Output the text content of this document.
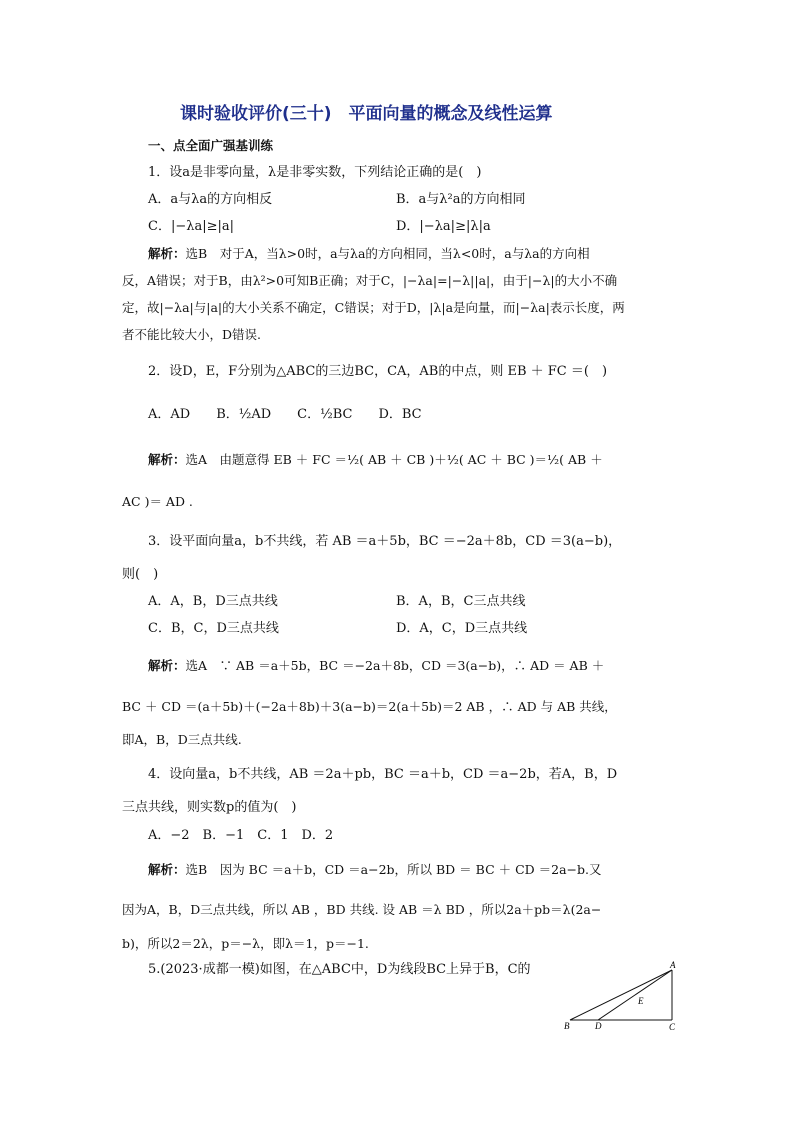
课时验收评价(三十)　平面向量的概念及线性运算
一、点全面广强基训练
1．设a是非零向量，λ是非零实数，下列结论正确的是(　)
A．a与λa的方向相反	B．a与λ²a的方向相同
C．|−λa|≥|a|	D．|−λa|≥|λ|a
解析：选B　对于A，当λ>0时，a与λa的方向相同，当λ<0时，a与λa的方向相
反，A错误；对于B，由λ²>0可知B正确；对于C，|−λa|=|−λ||a|，由于|−λ|的大小不确
定，故|−λa|与|a|的大小关系不确定，C错误；对于D，|λ|a是向量，而|−λa|表示长度，两
者不能比较大小，D错误.
2．设D，E，F分别为△ABC的三边BC，CA，AB的中点，则 EB ＋ FC ＝(　)
A．AD　　B．½AD　　C．½BC　　D．BC
解析：选A　由题意得 EB ＋ FC ＝½( AB ＋ CB )＋½( AC ＋ BC )＝½( AB ＋
AC )＝ AD .
3．设平面向量a，b不共线，若 AB ＝a＋5b，BC ＝−2a＋8b，CD ＝3(a−b)，
则(　)
A．A，B，D三点共线	B．A，B，C三点共线
C．B，C，D三点共线	D．A，C，D三点共线
解析：选A　∵ AB ＝a＋5b，BC ＝−2a＋8b，CD ＝3(a−b)，∴ AD ＝ AB ＋
BC ＋ CD ＝(a＋5b)＋(−2a＋8b)＋3(a−b)＝2(a＋5b)＝2 AB ，∴ AD 与 AB 共线，
即A，B，D三点共线.
4．设向量a，b不共线，AB ＝2a＋pb，BC ＝a＋b，CD ＝a−2b，若A，B，D
三点共线，则实数p的值为(　)
A．−2　B．−1　C．1　D．2
解析：选B　因为 BC ＝a＋b，CD ＝a−2b，所以 BD ＝ BC ＋ CD ＝2a−b.又
因为A，B，D三点共线，所以 AB ，BD 共线. 设 AB ＝λ BD ，所以2a＋pb＝λ(2a−
b)，所以2＝2λ，p＝−λ，即λ＝1，p＝−1.
5.(2023·成都一模)如图，在△ABC中，D为线段BC上异于B，C的	A
B	C
D
E
